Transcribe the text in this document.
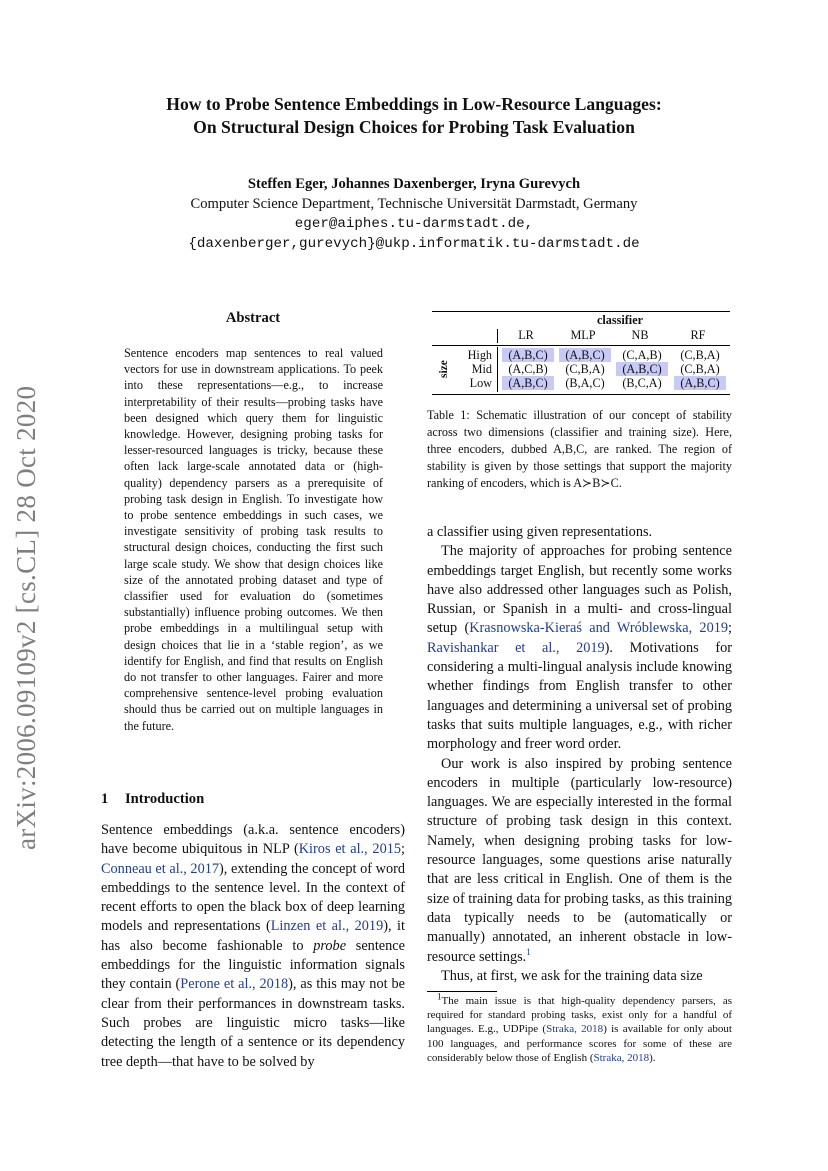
How to Probe Sentence Embeddings in Low-Resource Languages:
On Structural Design Choices for Probing Task Evaluation
Steffen Eger, Johannes Daxenberger, Iryna Gurevych
Computer Science Department, Technische Universität Darmstadt, Germany
eger@aiphes.tu-darmstadt.de,
{daxenberger,gurevych}@ukp.informatik.tu-darmstadt.de
arXiv:2006.09109v2 [cs.CL] 28 Oct 2020
Abstract
Sentence encoders map sentences to real valued vectors for use in downstream applications. To peek into these representations—e.g., to increase interpretability of their results—probing tasks have been designed which query them for linguistic knowledge. However, designing probing tasks for lesser-resourced languages is tricky, because these often lack large-scale annotated data or (high-quality) dependency parsers as a prerequisite of probing task design in English. To investigate how to probe sentence embeddings in such cases, we investigate sensitivity of probing task results to structural design choices, conducting the first such large scale study. We show that design choices like size of the annotated probing dataset and type of classifier used for evaluation do (sometimes substantially) influence probing outcomes. We then probe embeddings in a multilingual setup with design choices that lie in a ‘stable region’, as we identify for English, and find that results on English do not transfer to other languages. Fairer and more comprehensive sentence-level probing evaluation should thus be carried out on multiple languages in the future.
1 Introduction

Sentence embeddings (a.k.a. sentence encoders) have become ubiquitous in NLP (Kiros et al., 2015; Conneau et al., 2017), extending the concept of word embeddings to the sentence level. In the context of recent efforts to open the black box of deep learning models and representations (Linzen et al., 2019), it has also become fashionable to probe sentence embeddings for the linguistic information signals they contain (Perone et al., 2018), as this may not be clear from their performances in downstream tasks. Such probes are linguistic micro tasks—like detecting the length of a sentence or its dependency tree depth—that have to be solved by

classifier
LR	MLP	NB	RF
size
High	(A,B,C)	(A,B,C)	(C,A,B)	(C,B,A)
Mid	(A,C,B)	(C,B,A)	(A,B,C)	(C,B,A)
Low	(A,B,C)	(B,A,C)	(B,C,A)	(A,B,C)
Table 1: Schematic illustration of our concept of stability across two dimensions (classifier and training size). Here, three encoders, dubbed A,B,C, are ranked. The region of stability is given by those settings that support the majority ranking of encoders, which is A≻B≻C.

a classifier using given representations.

The majority of approaches for probing sentence embeddings target English, but recently some works have also addressed other languages such as Polish, Russian, or Spanish in a multi- and cross-lingual setup (Krasnowska-Kieraś and Wróblewska, 2019; Ravishankar et al., 2019). Motivations for considering a multi-lingual analysis include knowing whether findings from English transfer to other languages and determining a universal set of probing tasks that suits multiple languages, e.g., with richer morphology and freer word order.

Our work is also inspired by probing sentence encoders in multiple (particularly low-resource) languages. We are especially interested in the formal structure of probing task design in this context. Namely, when designing probing tasks for low-resource languages, some questions arise naturally that are less critical in English. One of them is the size of training data for probing tasks, as this training data typically needs to be (automatically or manually) annotated, an inherent obstacle in low-resource settings.$^1$

Thus, at first, we ask for the training data size

$^1$The main issue is that high-quality dependency parsers, as required for standard probing tasks, exist only for a handful of languages. E.g., UDPipe (Straka, 2018) is available for only about 100 languages, and performance scores for some of these are considerably below those of English (Straka, 2018).
